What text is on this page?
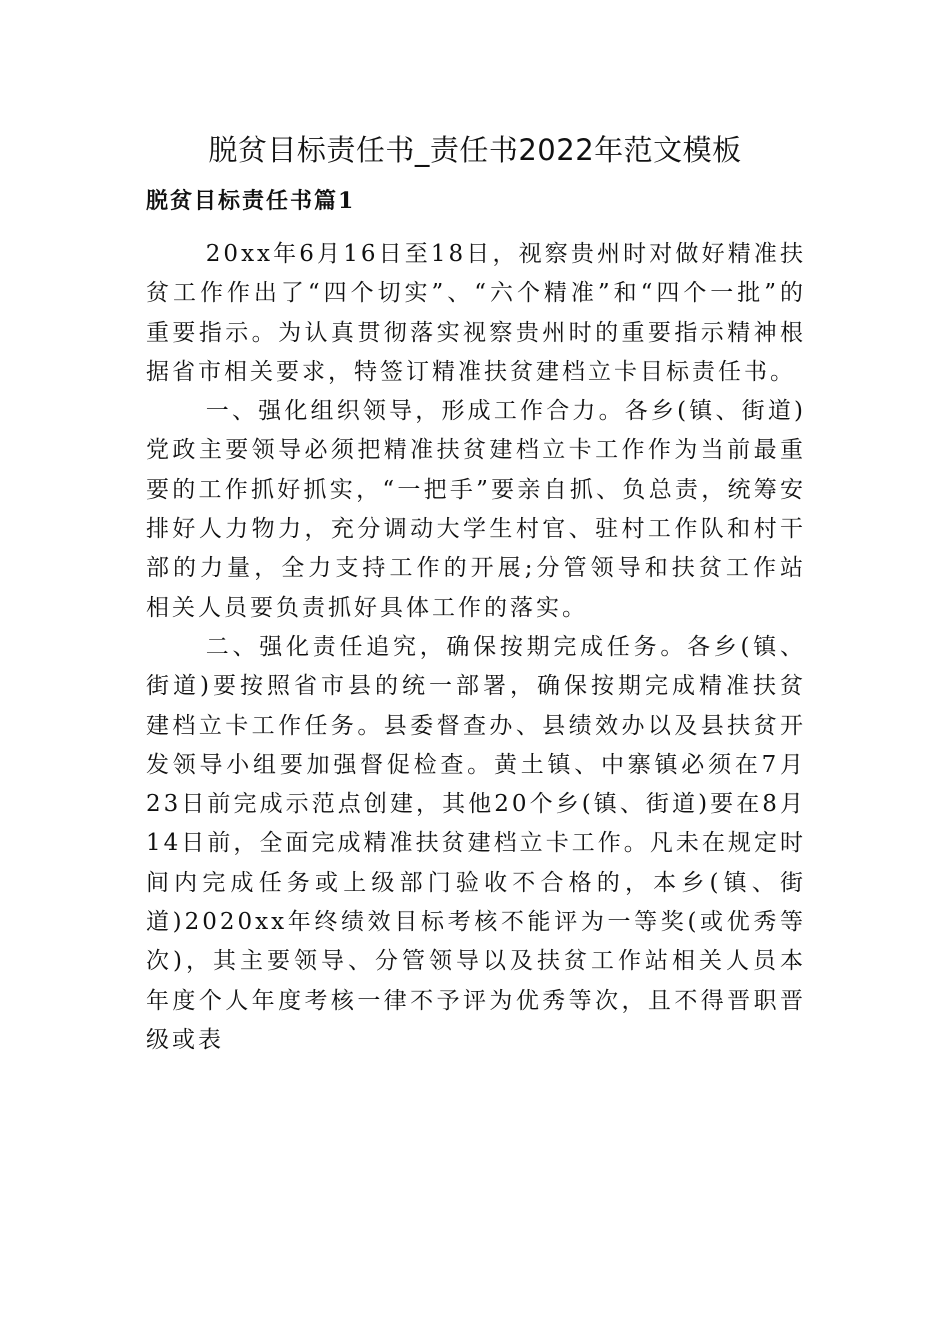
脱贫目标责任书_责任书2022年范文模板
脱贫目标责任书篇1

20xx年6月16日至18日，视察贵州时对做好精准扶贫工作作出了“四个切实”、“六个精准”和“四个一批”的重要指示。为认真贯彻落实视察贵州时的重要指示精神根据省市相关要求，特签订精准扶贫建档立卡目标责任书。

一、强化组织领导，形成工作合力。各乡(镇、街道)党政主要领导必须把精准扶贫建档立卡工作作为当前最重要的工作抓好抓实，“一把手”要亲自抓、负总责，统筹安排好人力物力，充分调动大学生村官、驻村工作队和村干部的力量，全力支持工作的开展;分管领导和扶贫工作站相关人员要负责抓好具体工作的落实。

二、强化责任追究，确保按期完成任务。各乡(镇、街道)要按照省市县的统一部署，确保按期完成精准扶贫建档立卡工作任务。县委督查办、县绩效办以及县扶贫开发领导小组要加强督促检查。黄土镇、中寨镇必须在7月23日前完成示范点创建，其他20个乡(镇、街道)要在8月14日前，全面完成精准扶贫建档立卡工作。凡未在规定时间内完成任务或上级部门验收不合格的，本乡(镇、街道)2020xx年终绩效目标考核不能评为一等奖(或优秀等次)，其主要领导、分管领导以及扶贫工作站相关人员本年度个人年度考核一律不予评为优秀等次，且不得晋职晋级或表
